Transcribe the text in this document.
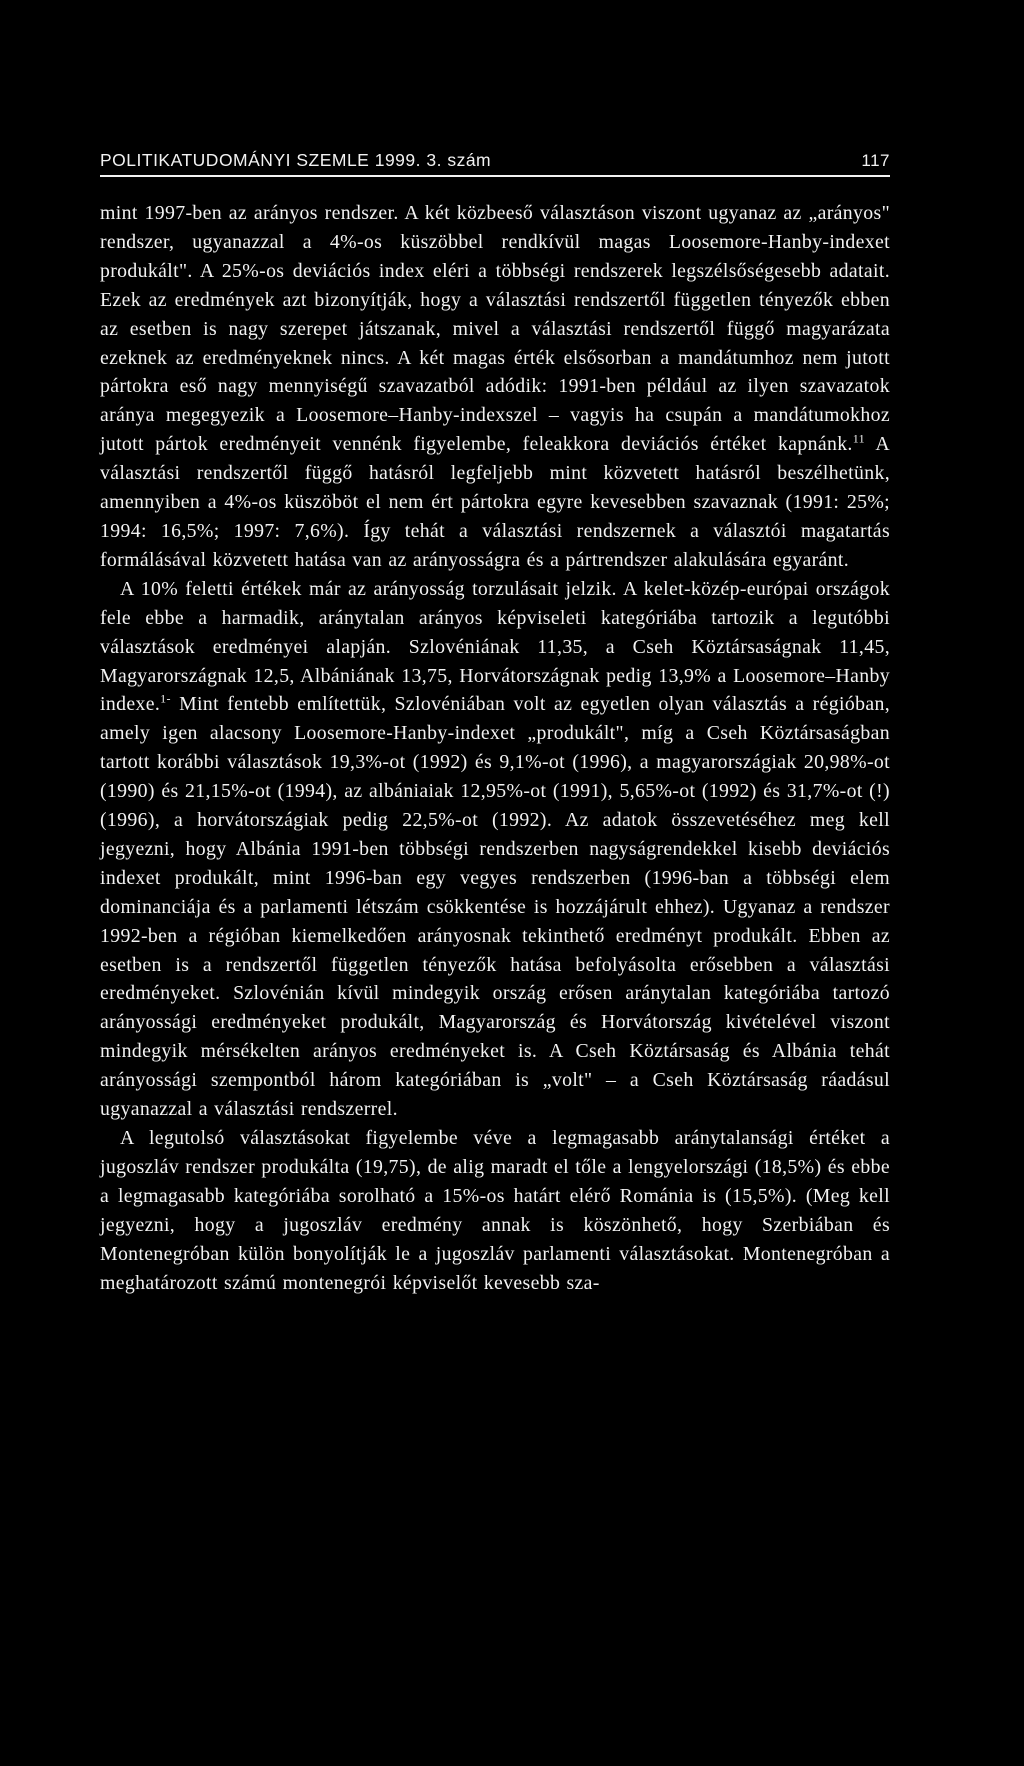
POLITIKATUDOMÁNYI SZEMLE 1999. 3. szám	117

mint 1997-ben az arányos rendszer. A két közbeeső választáson viszont ugyanaz az „arányos" rendszer, ugyanazzal a 4%-os küszöbbel rendkívül magas Loosemore-Hanby-indexet produkált". A 25%-os deviációs index eléri a többségi rendszerek legszélsőségesebb adatait. Ezek az eredmények azt bizonyítják, hogy a választási rendszertől független tényezők ebben az esetben is nagy szerepet játszanak, mivel a választási rendszertől függő magyarázata ezeknek az eredményeknek nincs. A két magas érték elsősorban a mandátumhoz nem jutott pártokra eső nagy mennyiségű szavazatból adódik: 1991-ben például az ilyen szavazatok aránya megegyezik a Loosemore–Hanby-indexszel – vagyis ha csupán a mandátumokhoz jutott pártok eredményeit vennénk figyelembe, feleakkora deviációs értéket kapnánk.$^{11}$ A választási rendszertől függő hatásról legfeljebb mint közvetett hatásról beszélhetünk, amennyiben a 4%-os küszöböt el nem ért pártokra egyre kevesebben szavaznak (1991: 25%; 1994: 16,5%; 1997: 7,6%). Így tehát a választási rendszernek a választói magatartás formálásával közvetett hatása van az arányosságra és a pártrendszer alakulására egyaránt.

A 10% feletti értékek már az arányosság torzulásait jelzik. A kelet-közép-európai országok fele ebbe a harmadik, aránytalan arányos képviseleti kategóriába tartozik a legutóbbi választások eredményei alapján. Szlovéniának 11,35, a Cseh Köztársaságnak 11,45, Magyarországnak 12,5, Albániának 13,75, Horvátországnak pedig 13,9% a Loosemore–Hanby indexe.$^{1-}$ Mint fentebb említettük, Szlovéniában volt az egyetlen olyan választás a régióban, amely igen alacsony Loosemore-Hanby-indexet „produkált", míg a Cseh Köztársaságban tartott korábbi választások 19,3%-ot (1992) és 9,1%-ot (1996), a magyarországiak 20,98%-ot (1990) és 21,15%-ot (1994), az albániaiak 12,95%-ot (1991), 5,65%-ot (1992) és 31,7%-ot (!) (1996), a horvátországiak pedig 22,5%-ot (1992). Az adatok összevetéséhez meg kell jegyezni, hogy Albánia 1991-ben többségi rendszerben nagyságrendekkel kisebb deviációs indexet produkált, mint 1996-ban egy vegyes rendszerben (1996-ban a többségi elem dominanciája és a parlamenti létszám csökkentése is hozzájárult ehhez). Ugyanaz a rendszer 1992-ben a régióban kiemelkedően arányosnak tekinthető eredményt produkált. Ebben az esetben is a rendszertől független tényezők hatása befolyásolta erősebben a választási eredményeket. Szlovénián kívül mindegyik ország erősen aránytalan kategóriába tartozó arányossági eredményeket produkált, Magyarország és Horvátország kivételével viszont mindegyik mérsékelten arányos eredményeket is. A Cseh Köztársaság és Albánia tehát arányossági szempontból három kategóriában is „volt" – a Cseh Köztársaság ráadásul ugyanazzal a választási rendszerrel.

A legutolsó választásokat figyelembe véve a legmagasabb aránytalansági értéket a jugoszláv rendszer produkálta (19,75), de alig maradt el tőle a lengyelországi (18,5%) és ebbe a legmagasabb kategóriába sorolható a 15%-os határt elérő Románia is (15,5%). (Meg kell jegyezni, hogy a jugoszláv eredmény annak is köszönhető, hogy Szerbiában és Montenegróban külön bonyolítják le a jugoszláv parlamenti választásokat. Montenegróban a meghatározott számú montenegrói képviselőt kevesebb sza-
